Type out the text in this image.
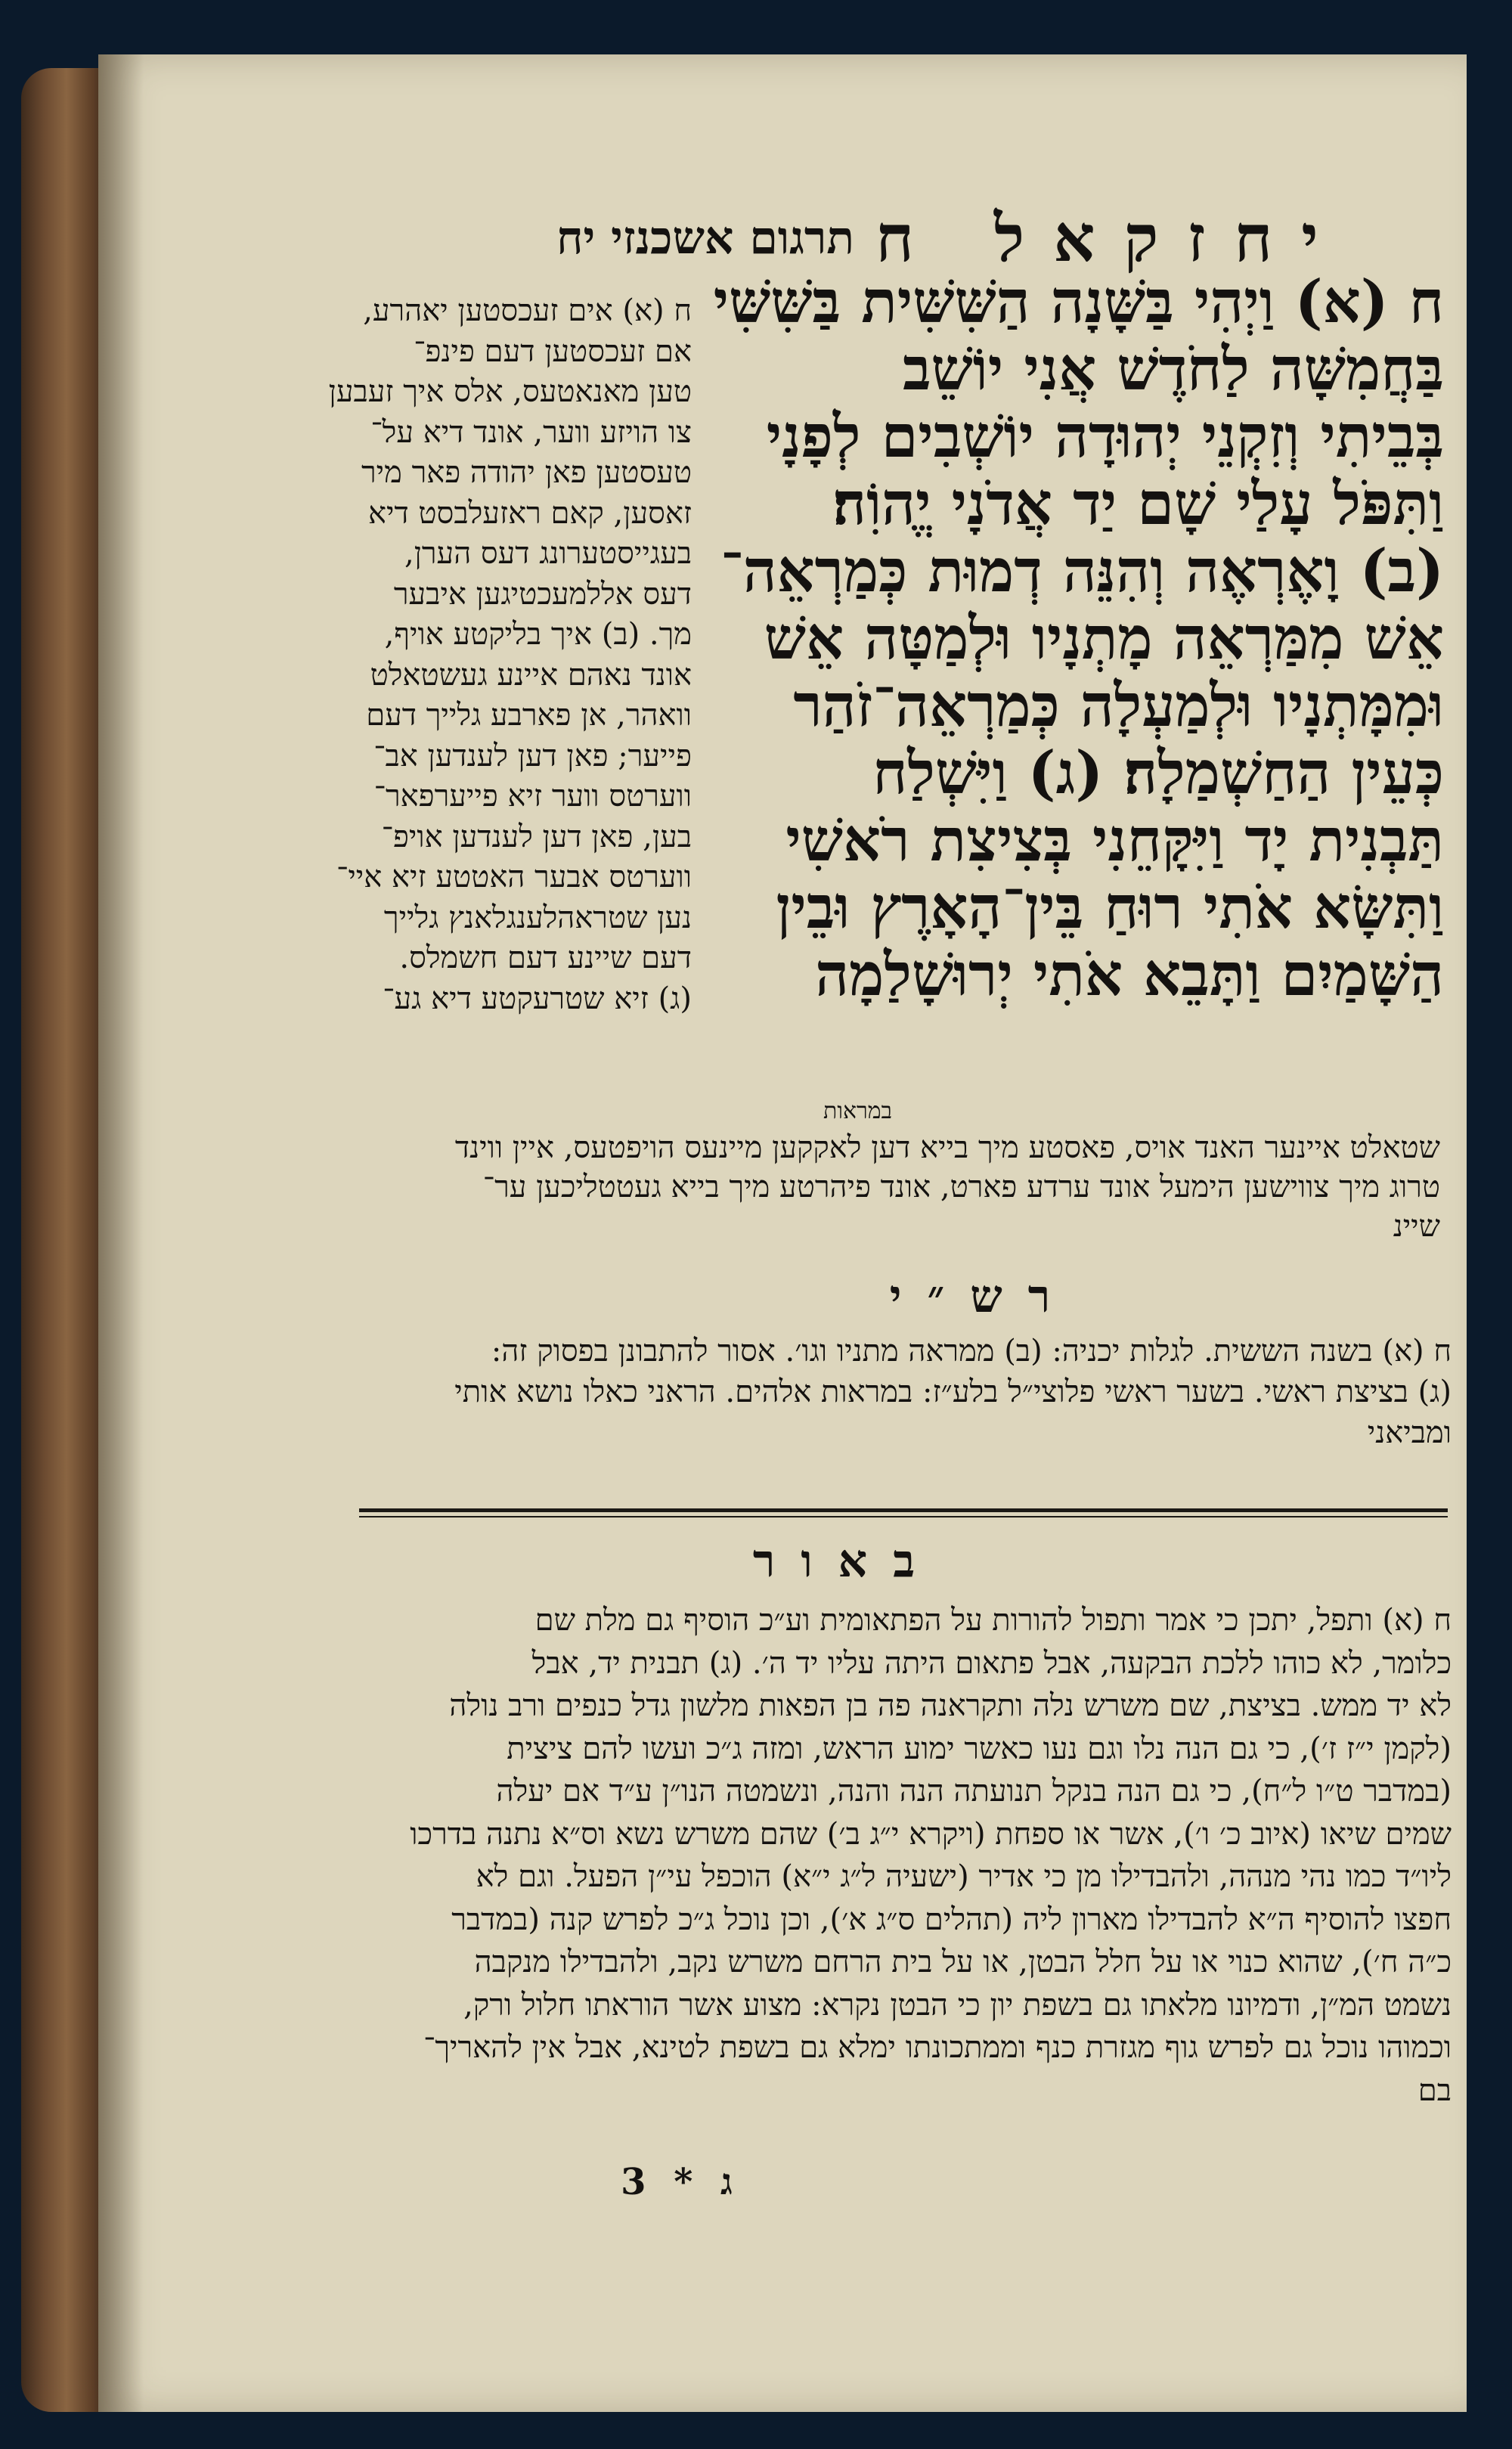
יחזקאל ח
תרגום אשכנזי יח
ח (א) וַיְהִי בַּשָּׁנָה הַשִּׁשִּׁית בַּשִּׁשִּׁי
בַּחֲמִשָּׁה לַחֹדֶשׁ אֲנִי יוֹשֵׁב
בְּבֵיתִי וְזִקְנֵי יְהוּדָה יוֹשְׁבִים לְפָנָי
וַתִּפֹּל עָלַי שָׁם יַד אֲדֹנָי יֱהוִֹה׃
(ב) וָאֶרְאֶה וְהִנֵּה דְמוּת כְּמַרְאֵה־
אֵשׁ מִמַּרְאֵה מָתְנָיו וּלְמַטָּה אֵשׁ
וּמִמָּתְנָיו וּלְמַעְלָה כְּמַרְאֵה־זֹהַר
כְּעֵין הַחַשְׁמַלָה׃ (ג) וַיִּשְׁלַח
תַּבְנִית יָד וַיִּקָּחֵנִי בְּצִיצִת רֹאשִׁי
וַתִּשָּׂא אֹתִי רוּחַ בֵּין־הָאָרֶץ וּבֵין
הַשָּׁמַיִם וַתָּבֵא אֹתִי יְרוּשָׁלַמָה
ח (א) אים זעכסטען יאהרע,
אם זעכסטען דעם פינפ־
טען מאנאטעס, אלס איך זעבען
צו הויזע ווער, אונד דיא על־
טעסטען פאן יהודה פאר מיר
זאסען, קאם ראזעלבסט דיא
בעגייסטערונג דעס הערן,
דעס אללמעכטיגען איבער
מך. (ב) איך בליקטע אויף,
אונד נאהם איינע געשטאלט
וואהר, אן פארבע גלייך דעם
פייער; פאן דען לענדען אב־
ווערטס ווער זיא פייערפאר־
בען, פאן דען לענדען אויפ־
ווערטס אבער האטטע זיא איי־
נען שטראהלענגלאנץ גלייך
דעם שיינע דעם חשמלס.
(ג) זיא שטרעקטע דיא גע־
במראות
שטאלט איינער האנד אויס, פאסטע מיך בייא דען לאקקען מיינעס הויפטעס, איין ווינד
טרוג מיך צווישען הימעל אונד ערדע פארט, אונד פיהרטע מיך בייא געטטליכען ער־
שיינ
רש״י
ח (א) בשנה הששית. לגלות יכניה: (ב) ממראה מתניו וגו׳. אסור להתבונן בפסוק זה:
(ג) בציצת ראשי. בשער ראשי פלוצי״ל בלע״ז: במראות אלהים. הראני כאלו נושא אותי
ומביאני
באור
ח (א) ותפל, יתכן כי אמר ותפול להורות על הפתאומית וע״כ הוסיף גם מלת שם
כלומר, לא כוהו ללכת הבקעה, אבל פתאום היתה עליו יד ה׳. (ג) תבנית יד, אבל
לא יד ממש. בציצת, שם משרש נלה ותקראנה פה בן הפאות מלשון גדל כנפים ורב נולה
(לקמן י״ז ז׳), כי גם הנה נלו וגם נעו כאשר ימוע הראש, ומזה ג״כ ועשו להם ציצית
(במדבר ט״ו ל״ח), כי גם הנה בנקל תנועתה הנה והנה, ונשמטה הנו״ן ע״ד אם יעלה
שמים שיאו (איוב כ׳ ו׳), אשר או ספחת (ויקרא י״ג ב׳) שהם משרש נשא וס״א נתנה בדרכו
ליו״ד כמו נהי מנהה, ולהבדילו מן כי אדיר (ישעיה ל״ג י״א) הוכפל עי״ן הפעל. וגם לא
חפצו להוסיף ה״א להבדילו מארון ליה (תהלים ס״ג א׳), וכן נוכל ג״כ לפרש קנה (במדבר
כ״ה ח׳), שהוא כנוי או על חלל הבטן, או על בית הרחם משרש נקב, ולהבדילו מנקבה
נשמט המ״ן, ודמיונו מלאתו גם בשפת יון כי הבטן נקרא: מצוע אשר הוראתו חלול ורק,
וכמוהו נוכל גם לפרש גוף מגזרת כנף וממתכונתו ימלא גם בשפת לטינא, אבל אין להאריך־
בם
ג * 3
